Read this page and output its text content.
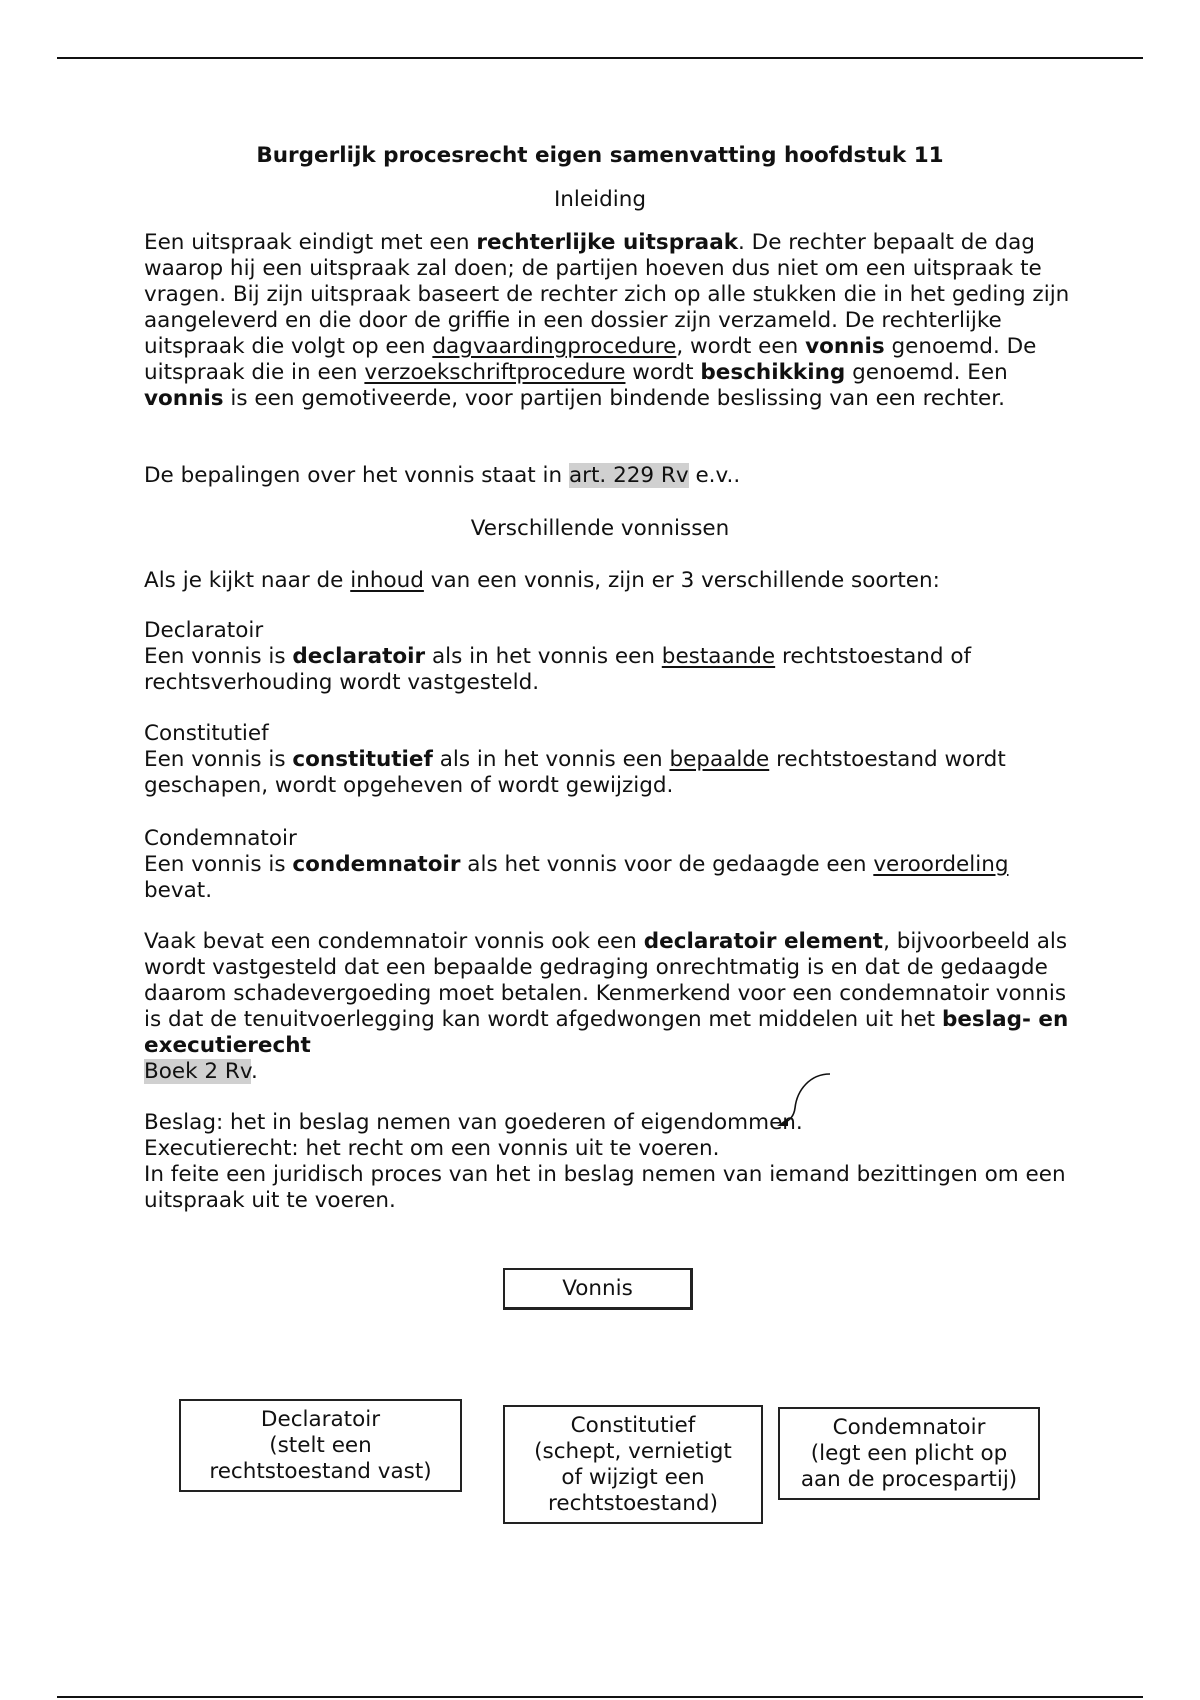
Burgerlijk procesrecht eigen samenvatting hoofdstuk 11
Inleiding

Een uitspraak eindigt met een rechterlijke uitspraak. De rechter bepaalt de dag waarop hij een uitspraak zal doen; de partijen hoeven dus niet om een uitspraak te vragen. Bij zijn uitspraak baseert de rechter zich op alle stukken die in het geding zijn aangeleverd en die door de griffie in een dossier zijn verzameld. De rechterlijke uitspraak die volgt op een dagvaardingprocedure, wordt een vonnis genoemd. De uitspraak die in een verzoekschriftprocedure wordt beschikking genoemd. Een vonnis is een gemotiveerde, voor partijen bindende beslissing van een rechter.

De bepalingen over het vonnis staat in art. 229 Rv e.v..

Verschillende vonnissen

Als je kijkt naar de inhoud van een vonnis, zijn er 3 verschillende soorten:

Declaratoir

Een vonnis is declaratoir als in het vonnis een bestaande rechtstoestand of rechtsverhouding wordt vastgesteld.

Constitutief

Een vonnis is constitutief als in het vonnis een bepaalde rechtstoestand wordt geschapen, wordt opgeheven of wordt gewijzigd.

Condemnatoir

Een vonnis is condemnatoir als het vonnis voor de gedaagde een veroordeling bevat.

Vaak bevat een condemnatoir vonnis ook een declaratoir element, bijvoorbeeld als wordt vastgesteld dat een bepaalde gedraging onrechtmatig is en dat de gedaagde daarom schadevergoeding moet betalen. Kenmerkend voor een condemnatoir vonnis is dat de tenuitvoerlegging kan wordt afgedwongen met middelen uit het beslag- en executierecht
Boek 2 Rv.

Beslag: het in beslag nemen van goederen of eigendommen.

Executierecht: het recht om een vonnis uit te voeren.

In feite een juridisch proces van het in beslag nemen van iemand bezittingen om een uitspraak uit te voeren.

Vonnis
Declaratoir
(stelt een
rechtstoestand vast)
Constitutief
(schept, vernietigt
of wijzigt een
rechtstoestand)
Condemnatoir
(legt een plicht op
aan de procespartij)
